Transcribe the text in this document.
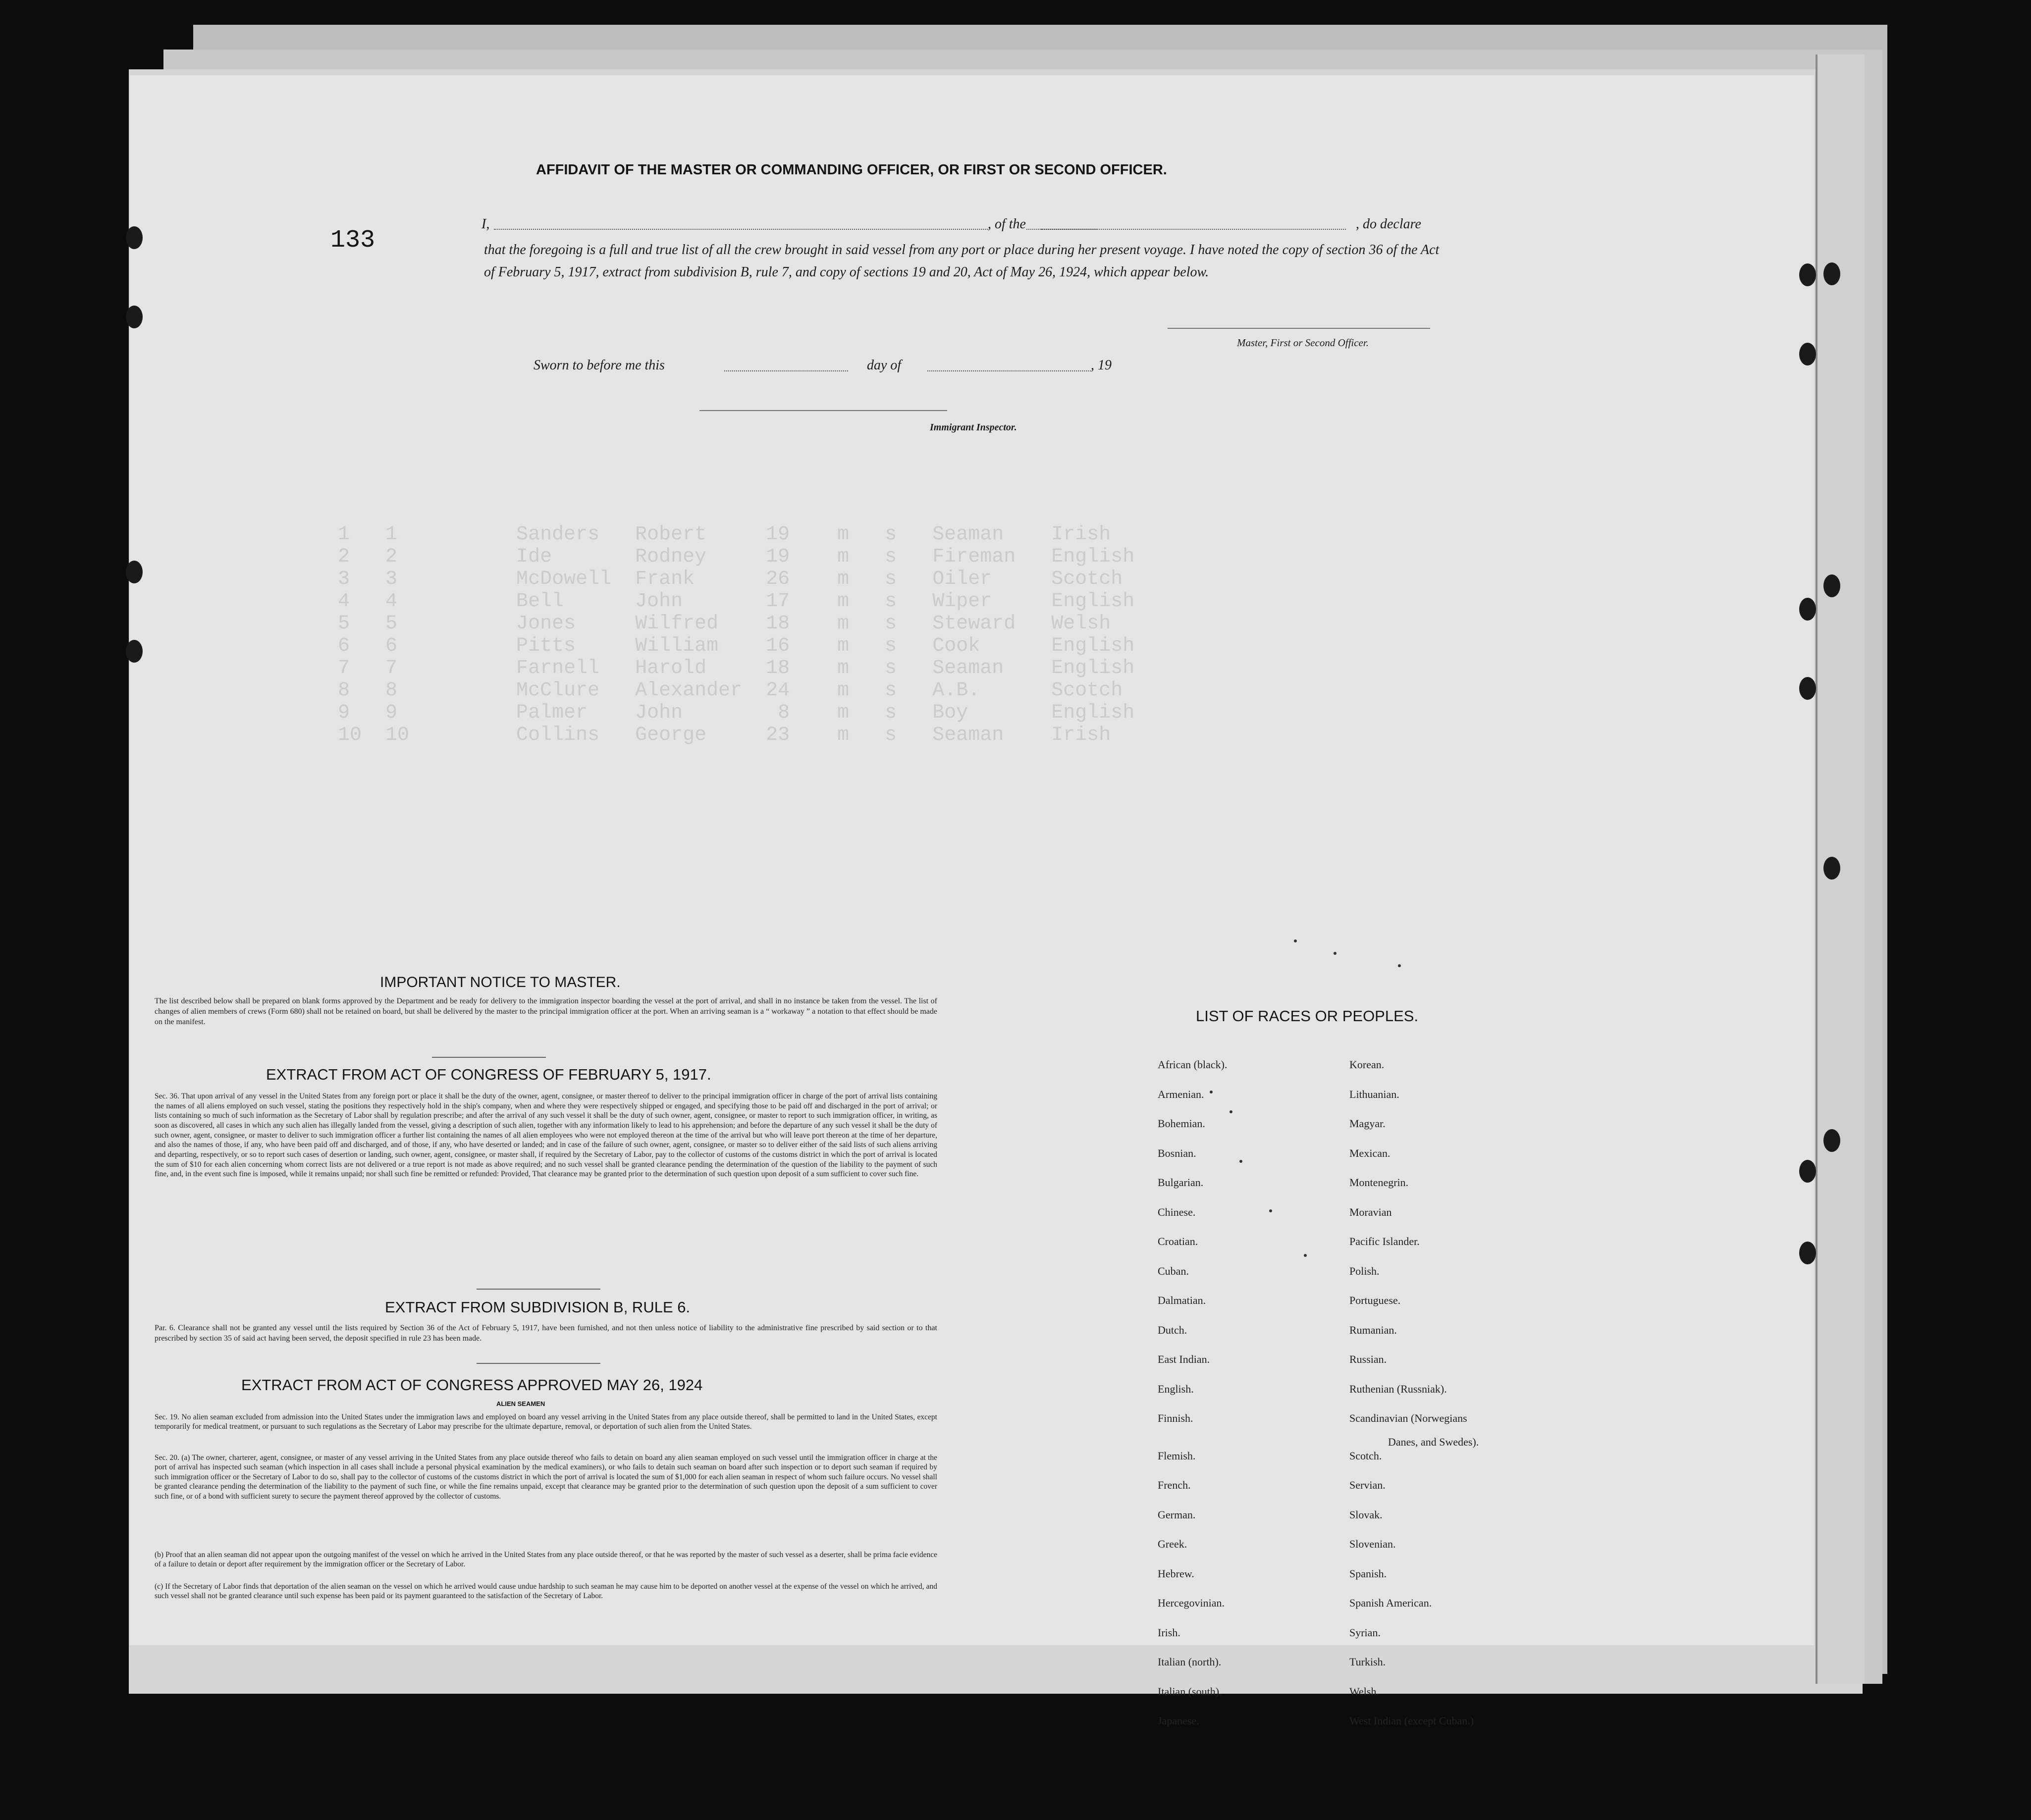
1   1          Sanders   Robert     19    m   s   Seaman    Irish
2   2          Ide       Rodney     19    m   s   Fireman   English
3   3          McDowell  Frank      26    m   s   Oiler     Scotch
4   4          Bell      John       17    m   s   Wiper     English
5   5          Jones     Wilfred    18    m   s   Steward   Welsh
6   6          Pitts     William    16    m   s   Cook      English
7   7          Farnell   Harold     18    m   s   Seaman    English
8   8          McClure   Alexander  24    m   s   A.B.      Scotch
9   9          Palmer    John        8    m   s   Boy       English
10  10         Collins   George     23    m   s   Seaman    Irish
AFFIDAVIT OF THE MASTER OR COMMANDING OFFICER, OR FIRST OR SECOND OFFICER.
133
I,	, of the	, do declare
that the foregoing is a full and true list of all the crew brought in said vessel from any port or place during her present voyage. I have noted the copy of section 36 of the Act of February 5, 1917, extract from subdivision B, rule 7, and copy of sections 19 and 20, Act of May 26, 1924, which appear below.
Master, First or Second Officer.
Sworn to before me this	day of	, 19
Immigrant Inspector.
IMPORTANT NOTICE TO MASTER.
The list described below shall be prepared on blank forms approved by the Department and be ready for delivery to the immigration inspector boarding the vessel at the port of arrival, and shall in no instance be taken from the vessel. The list of changes of alien members of crews (Form 680) shall not be retained on board, but shall be delivered by the master to the principal immigration officer at the port. When an arriving seaman is a “ workaway ” a notation to that effect should be made on the manifest.
EXTRACT FROM ACT OF CONGRESS OF FEBRUARY 5, 1917.
Sec. 36. That upon arrival of any vessel in the United States from any foreign port or place it shall be the duty of the owner, agent, consignee, or master thereof to deliver to the principal immigration officer in charge of the port of arrival lists containing the names of all aliens employed on such vessel, stating the positions they respectively hold in the ship's company, when and where they were respectively shipped or engaged, and specifying those to be paid off and discharged in the port of arrival; or lists containing so much of such information as the Secretary of Labor shall by regulation prescribe; and after the arrival of any such vessel it shall be the duty of such owner, agent, consignee, or master to report to such immigration officer, in writing, as soon as discovered, all cases in which any such alien has illegally landed from the vessel, giving a description of such alien, together with any information likely to lead to his apprehension; and before the departure of any such vessel it shall be the duty of such owner, agent, consignee, or master to deliver to such immigration officer a further list containing the names of all alien employees who were not employed thereon at the time of the arrival but who will leave port thereon at the time of her departure, and also the names of those, if any, who have been paid off and discharged, and of those, if any, who have deserted or landed; and in case of the failure of such owner, agent, consignee, or master so to deliver either of the said lists of such aliens arriving and departing, respectively, or so to report such cases of desertion or landing, such owner, agent, consignee, or master shall, if required by the Secretary of Labor, pay to the collector of customs of the customs district in which the port of arrival is located the sum of $10 for each alien concerning whom correct lists are not delivered or a true report is not made as above required; and no such vessel shall be granted clearance pending the determination of the question of the liability to the payment of such fine, and, in the event such fine is imposed, while it remains unpaid; nor shall such fine be remitted or refunded: Provided, That clearance may be granted prior to the determination of such question upon deposit of a sum sufficient to cover such fine.
EXTRACT FROM SUBDIVISION B, RULE 6.
Par. 6. Clearance shall not be granted any vessel until the lists required by Section 36 of the Act of February 5, 1917, have been furnished, and not then unless notice of liability to the administrative fine prescribed by said section or to that prescribed by section 35 of said act having been served, the deposit specified in rule 23 has been made.
EXTRACT FROM ACT OF CONGRESS APPROVED MAY 26, 1924
ALIEN SEAMEN
Sec. 19. No alien seaman excluded from admission into the United States under the immigration laws and employed on board any vessel arriving in the United States from any place outside thereof, shall be permitted to land in the United States, except temporarily for medical treatment, or pursuant to such regulations as the Secretary of Labor may prescribe for the ultimate departure, removal, or deportation of such alien from the United States.
Sec. 20. (a) The owner, charterer, agent, consignee, or master of any vessel arriving in the United States from any place outside thereof who fails to detain on board any alien seaman employed on such vessel until the immigration officer in charge at the port of arrival has inspected such seaman (which inspection in all cases shall include a personal physical examination by the medical examiners), or who fails to detain such seaman on board after such inspection or to deport such seaman if required by such immigration officer or the Secretary of Labor to do so, shall pay to the collector of customs of the customs district in which the port of arrival is located the sum of $1,000 for each alien seaman in respect of whom such failure occurs. No vessel shall be granted clearance pending the determination of the liability to the payment of such fine, or while the fine remains unpaid, except that clearance may be granted prior to the determination of such question upon the deposit of a sum sufficient to cover such fine, or of a bond with sufficient surety to secure the payment thereof approved by the collector of customs.
(b) Proof that an alien seaman did not appear upon the outgoing manifest of the vessel on which he arrived in the United States from any place outside thereof, or that he was reported by the master of such vessel as a deserter, shall be prima facie evidence of a failure to detain or deport after requirement by the immigration officer or the Secretary of Labor.
(c) If the Secretary of Labor finds that deportation of the alien seaman on the vessel on which he arrived would cause undue hardship to such seaman he may cause him to be deported on another vessel at the expense of the vessel on which he arrived, and such vessel shall not be granted clearance until such expense has been paid or its payment guaranteed to the satisfaction of the Secretary of Labor.
LIST OF RACES OR PEOPLES.
African (black).
Armenian.
Bohemian.
Bosnian.
Bulgarian.
Chinese.
Croatian.
Cuban.
Dalmatian.
Dutch.
East Indian.
English.
Finnish.
Flemish.
French.
German.
Greek.
Hebrew.
Hercegovinian.
Irish.
Italian (north).
Italian (south).
Japanese.
Korean.
Lithuanian.
Magyar.
Mexican.
Montenegrin.
Moravian
Pacific Islander.
Polish.
Portuguese.
Rumanian.
Russian.
Ruthenian (Russniak).
Scandinavian (Norwegians
Scotch.
Servian.
Slovak.
Slovenian.
Spanish.
Spanish American.
Syrian.
Turkish.
Welsh.
West Indian (except Cuban.)
Danes, and Swedes).
